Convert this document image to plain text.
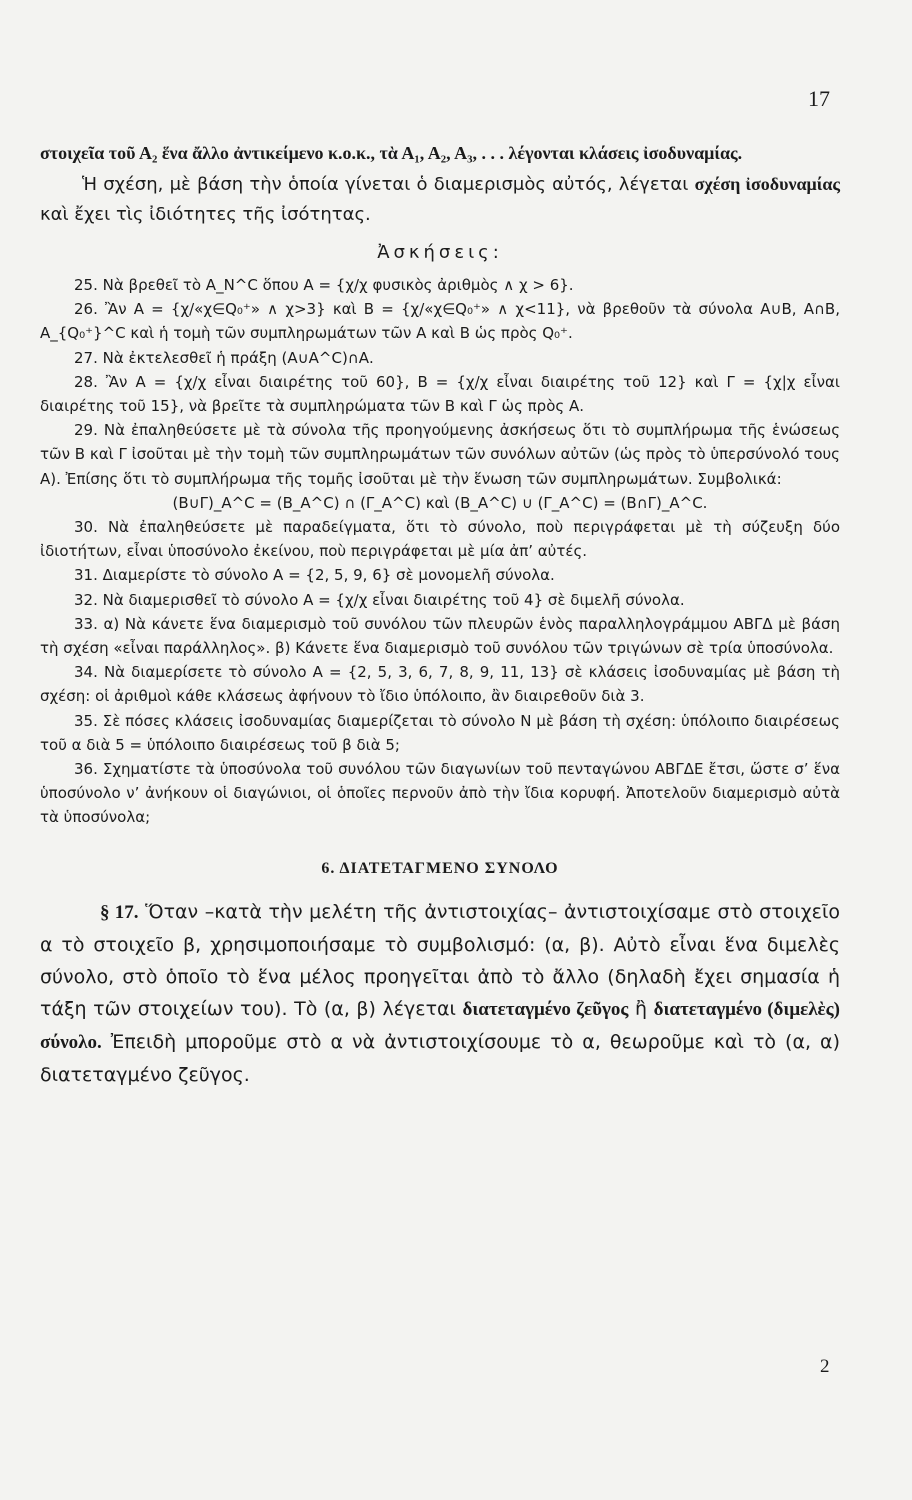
17

στοιχεῖα τοῦ Α₂ ἕνα ἄλλο ἀντικείμενο κ.ο.κ., τὰ Α₁, Α₂, Α₃, . . . λέγονται κλάσεις ἰσοδυναμίας.

Ἡ σχέση, μὲ βάση τὴν ὁποία γίνεται ὁ διαμερισμὸς αὐτός, λέγεται σχέση ἰσοδυναμίας καὶ ἔχει τὶς ἰδιότητες τῆς ἰσότητας.

Ἀσκήσεις:

25. Νὰ βρεθεῖ τὸ Α_N^C ὅπου Α = {χ/χ φυσικὸς ἀριθμὸς ∧ χ > 6}.

26. Ἂν Α = {χ/«χ∈Q₀⁺» ∧ χ>3} καὶ Β = {χ/«χ∈Q₀⁺» ∧ χ<11}, νὰ βρεθοῦν τὰ σύνολα Α∪Β, Α∩Β, Α_{Q₀⁺}^C καὶ ἡ τομὴ τῶν συμπληρωμάτων τῶν Α καὶ Β ὡς πρὸς Q₀⁺.

27. Νὰ ἐκτελεσθεῖ ἡ πράξη (Α∪Α^C)∩Α.

28. Ἂν Α = {χ/χ εἶναι διαιρέτης τοῦ 60}, Β = {χ/χ εἶναι διαιρέτης τοῦ 12} καὶ Γ = {χ|χ εἶναι διαιρέτης τοῦ 15}, νὰ βρεῖτε τὰ συμπληρώματα τῶν Β καὶ Γ ὡς πρὸς Α.

29. Νὰ ἐπαληθεύσετε μὲ τὰ σύνολα τῆς προηγούμενης ἀσκήσεως ὅτι τὸ συμπλήρωμα τῆς ἑνώσεως τῶν Β καὶ Γ ἰσοῦται μὲ τὴν τομὴ τῶν συμπληρωμάτων τῶν συνόλων αὐτῶν (ὡς πρὸς τὸ ὑπερσύνολό τους Α). Ἐπίσης ὅτι τὸ συμπλήρωμα τῆς τομῆς ἰσοῦται μὲ τὴν ἕνωση τῶν συμπληρωμάτων. Συμβολικά:

(Β∪Γ)_Α^C = (Β_Α^C) ∩ (Γ_Α^C) καὶ (Β_Α^C) ∪ (Γ_Α^C) = (Β∩Γ)_Α^C.

30. Νὰ ἐπαληθεύσετε μὲ παραδείγματα, ὅτι τὸ σύνολο, ποὺ περιγράφεται μὲ τὴ σύζευξη δύο ἰδιοτήτων, εἶναι ὑποσύνολο ἐκείνου, ποὺ περιγράφεται μὲ μία ἀπ’ αὐτές.

31. Διαμερίστε τὸ σύνολο Α = {2, 5, 9, 6} σὲ μονομελῆ σύνολα.

32. Νὰ διαμερισθεῖ τὸ σύνολο Α = {χ/χ εἶναι διαιρέτης τοῦ 4} σὲ διμελῆ σύνολα.

33. α) Νὰ κάνετε ἕνα διαμερισμὸ τοῦ συνόλου τῶν πλευρῶν ἑνὸς παραλληλογράμμου ΑΒΓΔ μὲ βάση τὴ σχέση «εἶναι παράλληλος». β) Κάνετε ἕνα διαμερισμὸ τοῦ συνόλου τῶν τριγώνων σὲ τρία ὑποσύνολα.

34. Νὰ διαμερίσετε τὸ σύνολο Α = {2, 5, 3, 6, 7, 8, 9, 11, 13} σὲ κλάσεις ἰσοδυναμίας μὲ βάση τὴ σχέση: οἱ ἀριθμοὶ κάθε κλάσεως ἀφήνουν τὸ ἴδιο ὑπόλοιπο, ἂν διαιρεθοῦν διὰ 3.

35. Σὲ πόσες κλάσεις ἰσοδυναμίας διαμερίζεται τὸ σύνολο Ν μὲ βάση τὴ σχέση: ὑπόλοιπο διαιρέσεως τοῦ α διὰ 5 = ὑπόλοιπο διαιρέσεως τοῦ β διὰ 5;

36. Σχηματίστε τὰ ὑποσύνολα τοῦ συνόλου τῶν διαγωνίων τοῦ πενταγώνου ΑΒΓΔΕ ἔτσι, ὥστε σ’ ἕνα ὑποσύνολο ν’ ἀνήκουν οἱ διαγώνιοι, οἱ ὁποῖες περνοῦν ἀπὸ τὴν ἴδια κορυφή. Ἀποτελοῦν διαμερισμὸ αὐτὰ τὰ ὑποσύνολα;

6. ΔΙΑΤΕΤΑΓΜΕΝΟ ΣΥΝΟΛΟ

§ 17. Ὅταν –κατὰ τὴν μελέτη τῆς ἀντιστοιχίας– ἀντιστοιχίσαμε στὸ στοιχεῖο α τὸ στοιχεῖο β, χρησιμοποιήσαμε τὸ συμβολισμό: (α, β). Αὐτὸ εἶναι ἕνα διμελὲς σύνολο, στὸ ὁποῖο τὸ ἕνα μέλος προηγεῖται ἀπὸ τὸ ἄλλο (δηλαδὴ ἔχει σημασία ἡ τάξη τῶν στοιχείων του). Τὸ (α, β) λέγεται διατεταγμένο ζεῦγος ἢ διατεταγμένο (διμελὲς) σύνολο. Ἐπειδὴ μποροῦμε στὸ α νὰ ἀντιστοιχίσουμε τὸ α, θεωροῦμε καὶ τὸ (α, α) διατεταγμένο ζεῦγος.

2
